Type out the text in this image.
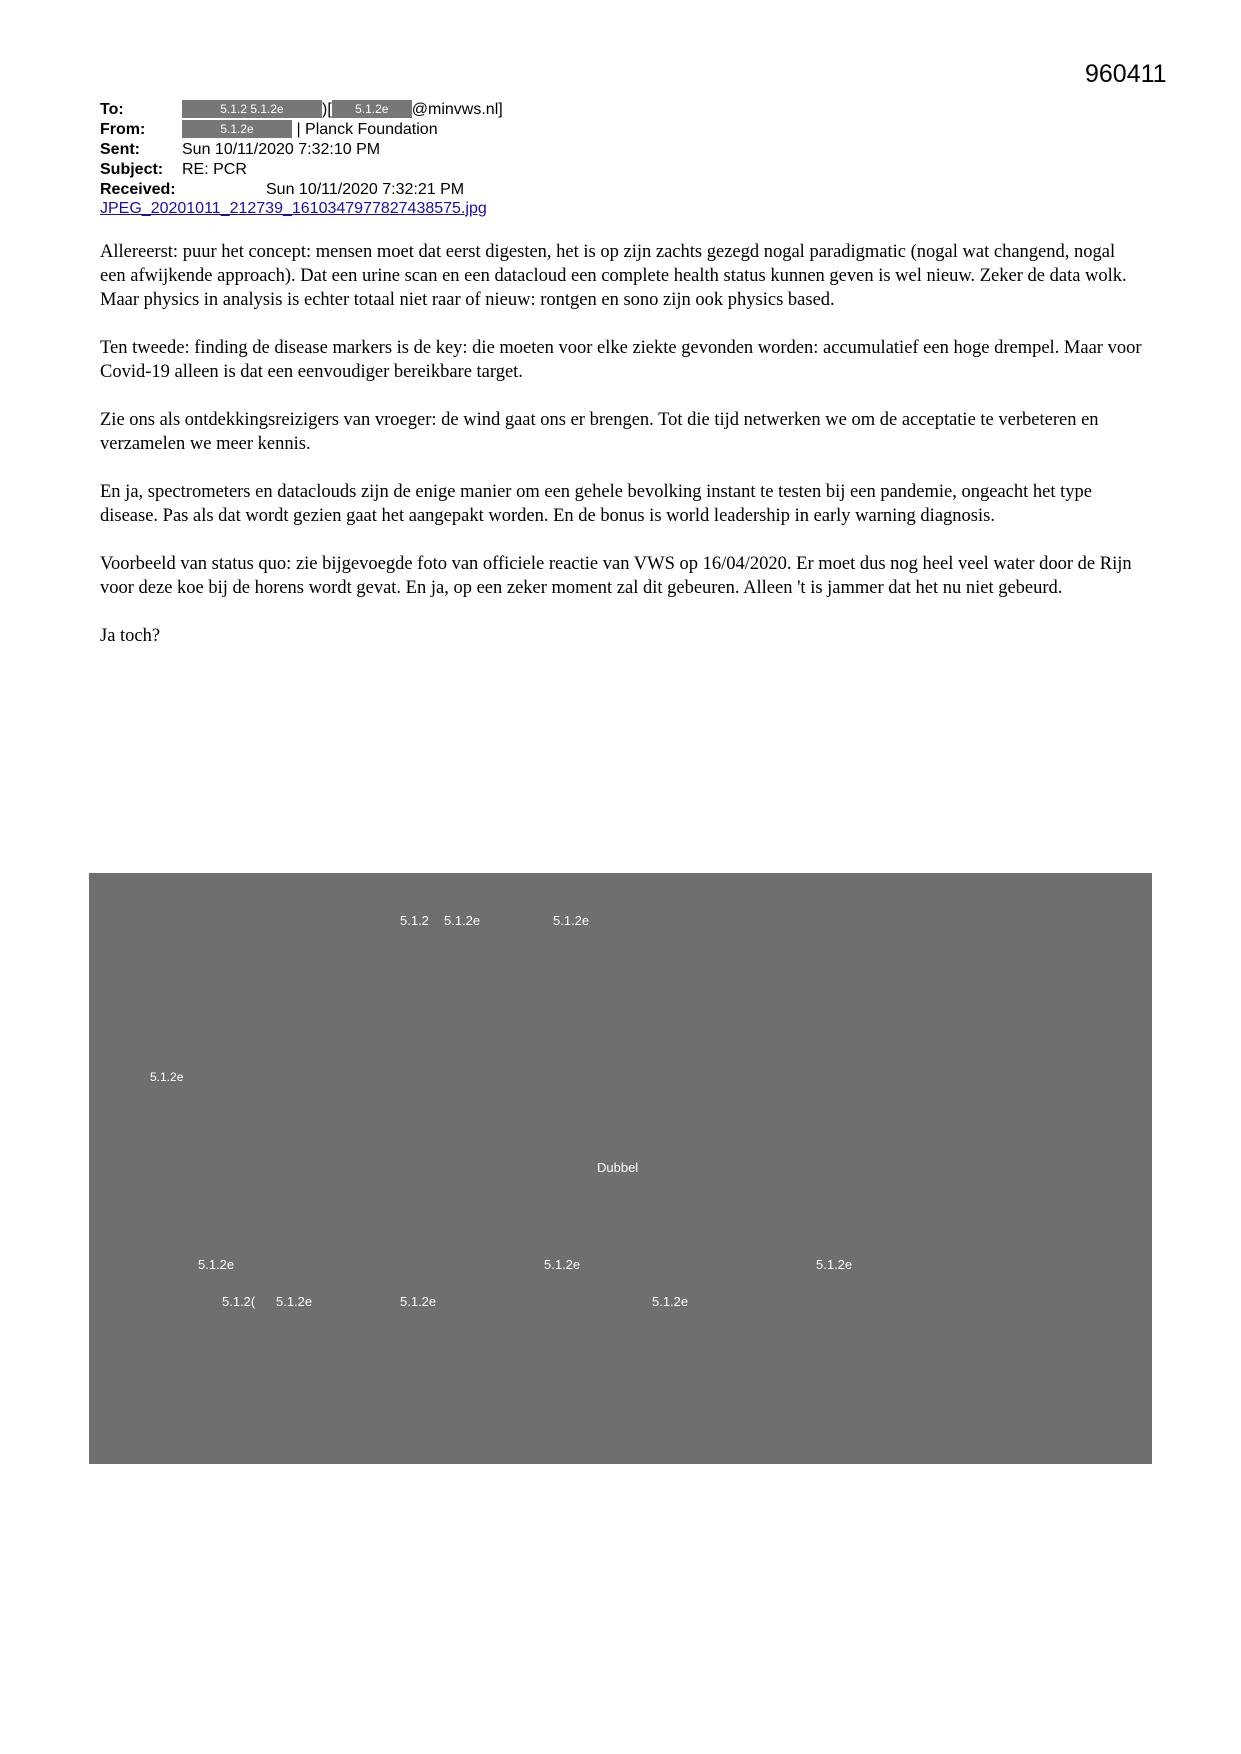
960411
To:	5.1.2 5.1.2e )[ 5.1.2e @minvws.nl]
From:	5.1.2e	| Planck Foundation
Sent:	Sun 10/11/2020 7:32:10 PM
Subject: RE: PCR
Received:	Sun 10/11/2020 7:32:21 PM
JPEG_20201011_212739_1610347977827438575.jpg

Allereerst: puur het concept: mensen moet dat eerst digesten, het is op zijn zachts gezegd nogal paradigmatic (nogal wat changend, nogal een afwijkende approach). Dat een urine scan en een datacloud een complete health status kunnen geven is wel nieuw. Zeker de data wolk. Maar physics in analysis is echter totaal niet raar of nieuw: rontgen en sono zijn ook physics based.

Ten tweede: finding de disease markers is de key: die moeten voor elke ziekte gevonden worden: accumulatief een hoge drempel. Maar voor Covid-19 alleen is dat een eenvoudiger bereikbare target.

Zie ons als ontdekkingsreizigers van vroeger: de wind gaat ons er brengen. Tot die tijd netwerken we om de acceptatie te verbeteren en verzamelen we meer kennis.

En ja, spectrometers en dataclouds zijn de enige manier om een gehele bevolking instant te testen bij een pandemie, ongeacht het type disease. Pas als dat wordt gezien gaat het aangepakt worden. En de bonus is world leadership in early warning diagnosis.

Voorbeeld van status quo: zie bijgevoegde foto van officiele reactie van VWS op 16/04/2020. Er moet dus nog heel veel water door de Rijn voor deze koe bij de horens wordt gevat. En ja, op een zeker moment zal dit gebeuren. Alleen 't is jammer dat het nu niet gebeurd.

Ja toch?

5.1.2 5.1.2e	5.1.2e
5.1.2e
Dubbel
5.1.2e	5.1.2e	5.1.2e
5.1.2( 5.1.2e	5.1.2e	5.1.2e
